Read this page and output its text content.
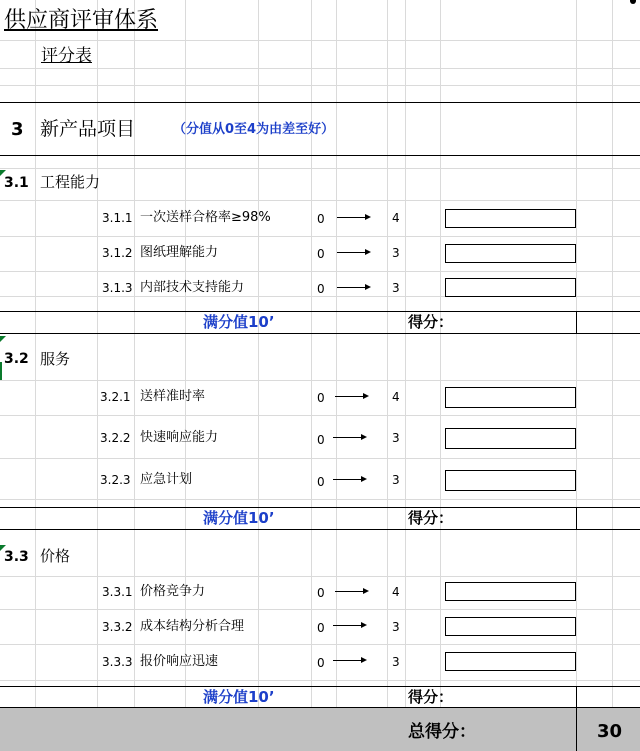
供应商评审体系
评分表
3 新产品项目	（分值从0至4为由差至好）
3.1 工程能力
3.1.1 一次送样合格率≥98%	0	4
3.1.2 图纸理解能力	0	3
3.1.3 内部技术支持能力	0	3
满分值10’	得分：
3.2 服务
3.2.1 送样准时率	0	4
3.2.2 快速响应能力	0	3
3.2.3 应急计划	0	3
满分值10’	得分：
3.3 价格
3.3.1 价格竞争力	0	4
3.3.2 成本结构分析合理	0	3
3.3.3 报价响应迅速	0	3
满分值10’	得分：
总得分：	30
